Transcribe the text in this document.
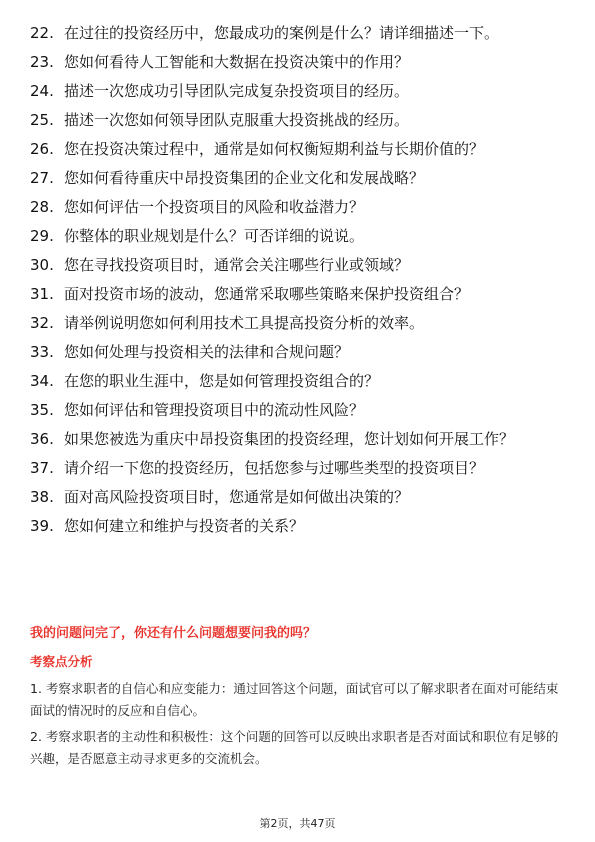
22. 在过往的投资经历中，您最成功的案例是什么？请详细描述一下。
23. 您如何看待人工智能和大数据在投资决策中的作用？
24. 描述一次您成功引导团队完成复杂投资项目的经历。
25. 描述一次您如何领导团队克服重大投资挑战的经历。
26. 您在投资决策过程中，通常是如何权衡短期利益与长期价值的？
27. 您如何看待重庆中昂投资集团的企业文化和发展战略？
28. 您如何评估一个投资项目的风险和收益潜力？
29. 你整体的职业规划是什么？可否详细的说说。
30. 您在寻找投资项目时，通常会关注哪些行业或领域？
31. 面对投资市场的波动，您通常采取哪些策略来保护投资组合？
32. 请举例说明您如何利用技术工具提高投资分析的效率。
33. 您如何处理与投资相关的法律和合规问题？
34. 在您的职业生涯中，您是如何管理投资组合的？
35. 您如何评估和管理投资项目中的流动性风险？
36. 如果您被选为重庆中昂投资集团的投资经理，您计划如何开展工作？
37. 请介绍一下您的投资经历，包括您参与过哪些类型的投资项目？
38. 面对高风险投资项目时，您通常是如何做出决策的？
39. 您如何建立和维护与投资者的关系？
我的问题问完了，你还有什么问题想要问我的吗？
考察点分析
1. 考察求职者的自信心和应变能力：通过回答这个问题，面试官可以了解求职者在面对可能结束面试的情况时的反应和自信心。
2. 考察求职者的主动性和积极性：这个问题的回答可以反映出求职者是否对面试和职位有足够的兴趣，是否愿意主动寻求更多的交流机会。
第2页，共47页
